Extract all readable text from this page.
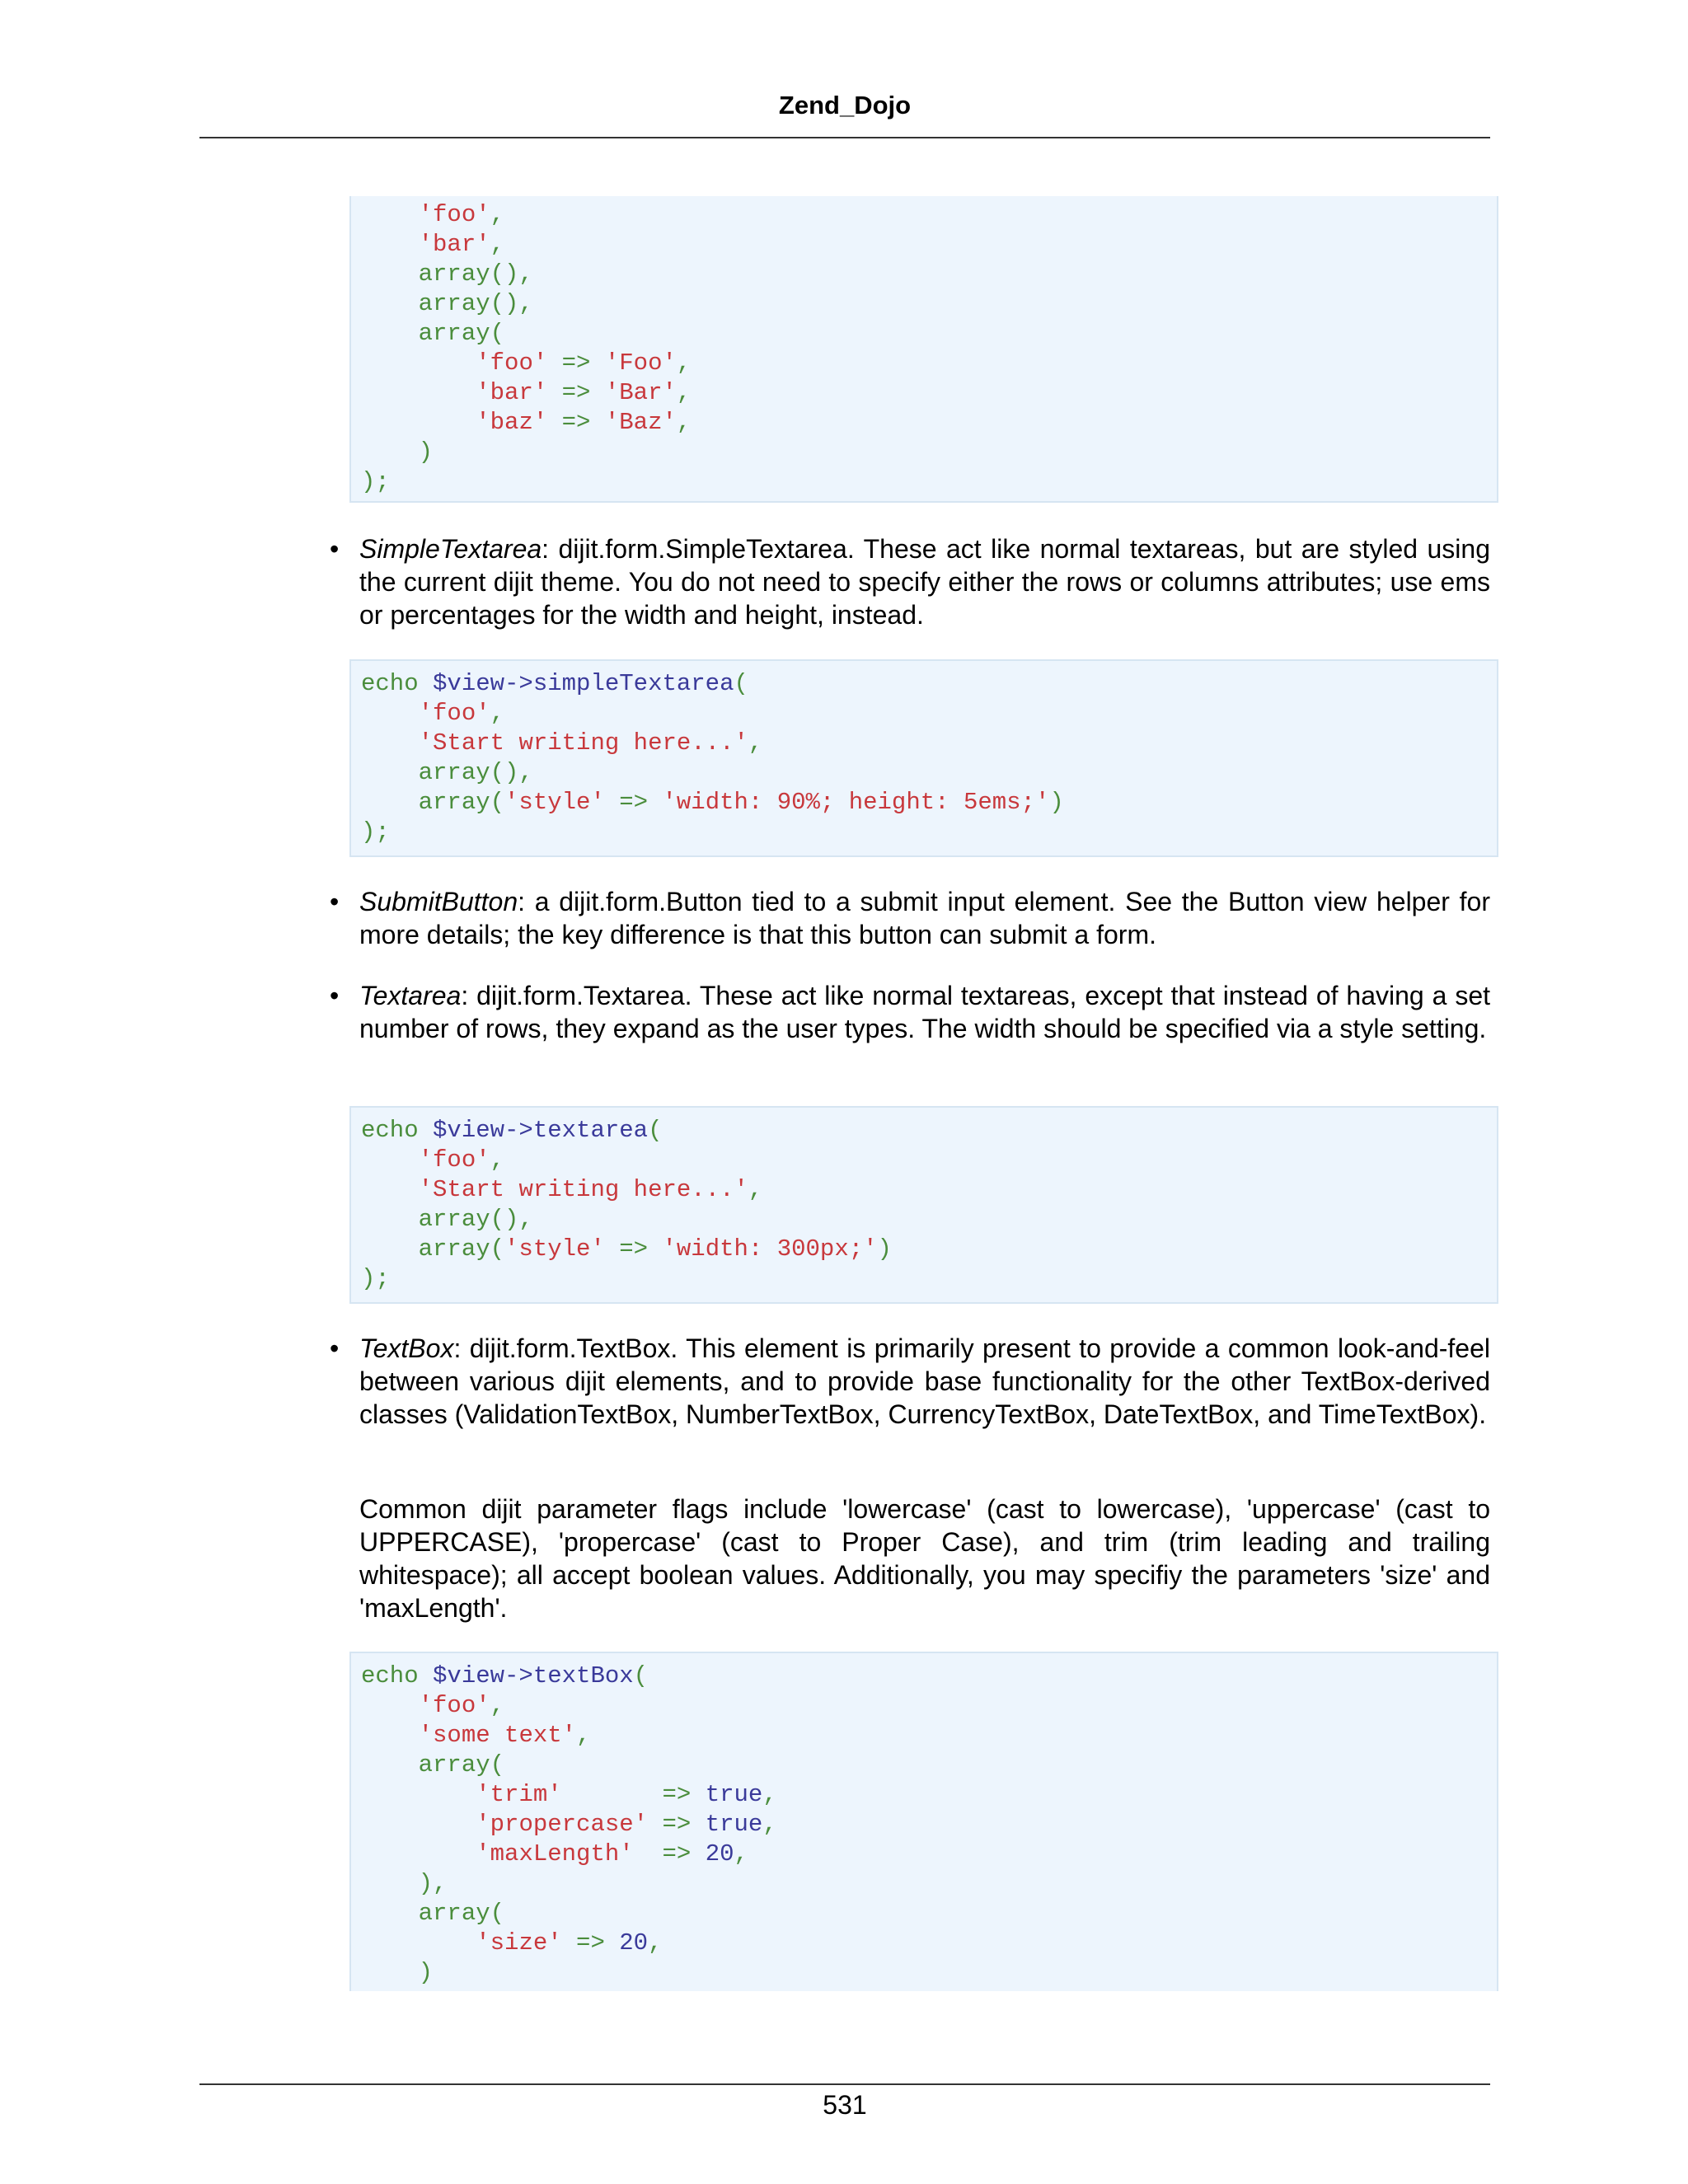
Zend_Dojo
'foo',
'bar',
array(),
array(),
array(
'foo' => 'Foo',
'bar' => 'Bar',
'baz' => 'Baz',
)
);
• SimpleTextarea: dijit.form.SimpleTextarea. These act like normal textareas, but are styled using the current dijit theme. You do not need to specify either the rows or columns attributes; use ems or percentages for the width and height, instead.
echo $view->simpleTextarea(
'foo',
'Start writing here...',
array(),
array('style' => 'width: 90%; height: 5ems;')
);
• SubmitButton: a dijit.form.Button tied to a submit input element. See the Button view helper for more details; the key difference is that this button can submit a form.
• Textarea: dijit.form.Textarea. These act like normal textareas, except that instead of having a set number of rows, they expand as the user types. The width should be specified via a style setting.
echo $view->textarea(
'foo',
'Start writing here...',
array(),
array('style' => 'width: 300px;')
);
• TextBox: dijit.form.TextBox. This element is primarily present to provide a common look-and-feel between various dijit elements, and to provide base functionality for the other TextBox-derived classes (ValidationTextBox, NumberTextBox, CurrencyTextBox, DateTextBox, and TimeTextBox).
Common dijit parameter flags include 'lowercase' (cast to lowercase), 'uppercase' (cast to UPPERCASE), 'propercase' (cast to Proper Case), and trim (trim leading and trailing whitespace); all accept boolean values. Additionally, you may specifiy the parameters 'size' and 'maxLength'.
echo $view->textBox(
'foo',
'some text',
array(
'trim'       => true,
'propercase' => true,
'maxLength'  => 20,
),
array(
'size' => 20,
)
531
